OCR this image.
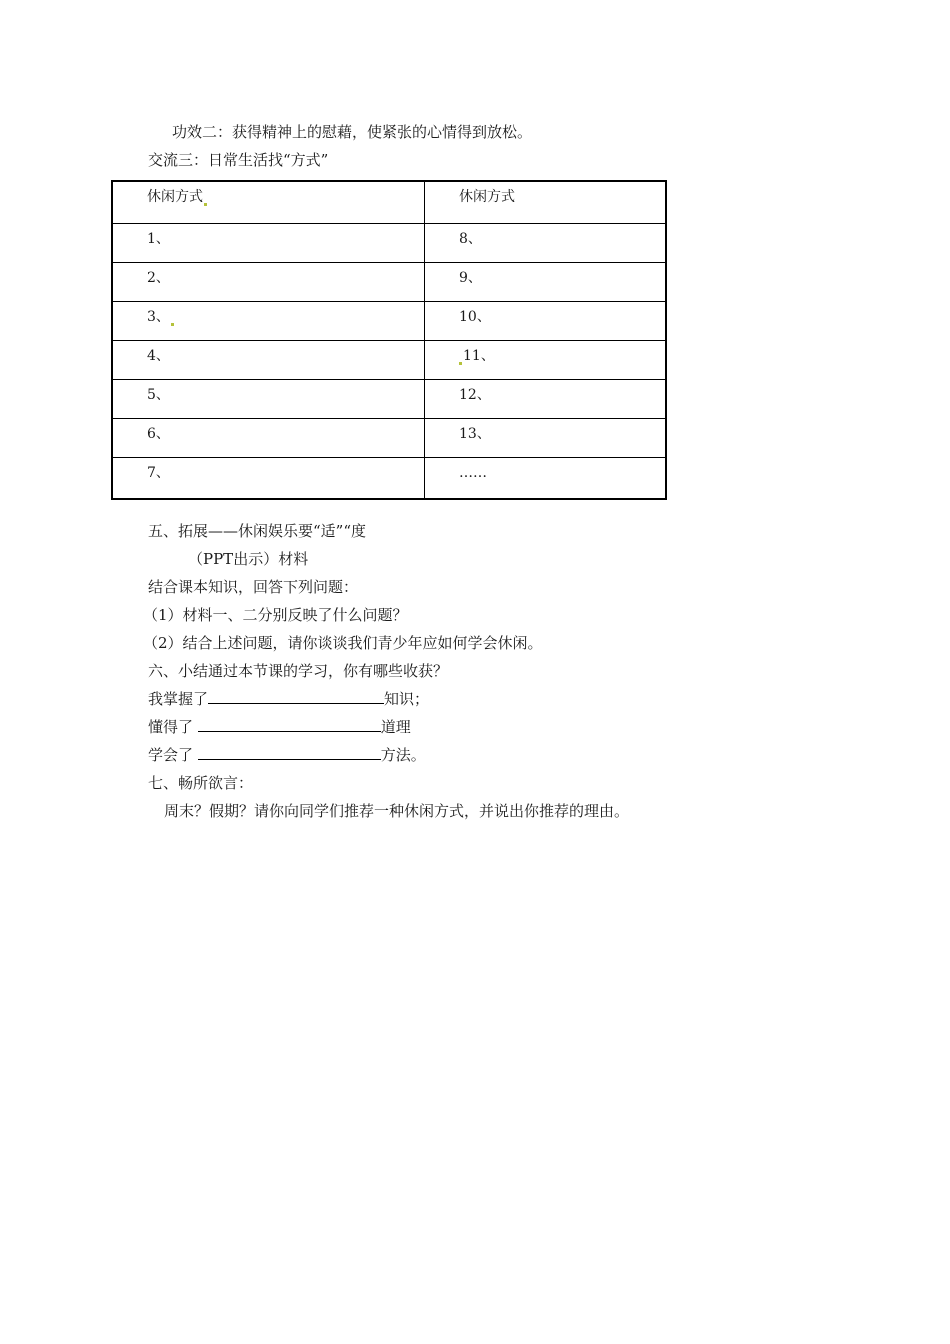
功效二：获得精神上的慰藉，使紧张的心情得到放松。
交流三：日常生活找“方式”
休闲方式	休闲方式
1、	8、
2、	9、
3、	10、
4、	11、
5、	12、
6、	13、
7、	……
五、拓展——休闲娱乐要“适”“度
（PPT出示）材料
结合课本知识，回答下列问题：
（1）材料一、二分别反映了什么问题？
（2）结合上述问题，请你谈谈我们青少年应如何学会休闲。
六、小结通过本节课的学习，你有哪些收获？
我掌握了	知识；
懂得了	道理
学会了	方法。
七、畅所欲言：
周末？假期？请你向同学们推荐一种休闲方式，并说出你推荐的理由。
